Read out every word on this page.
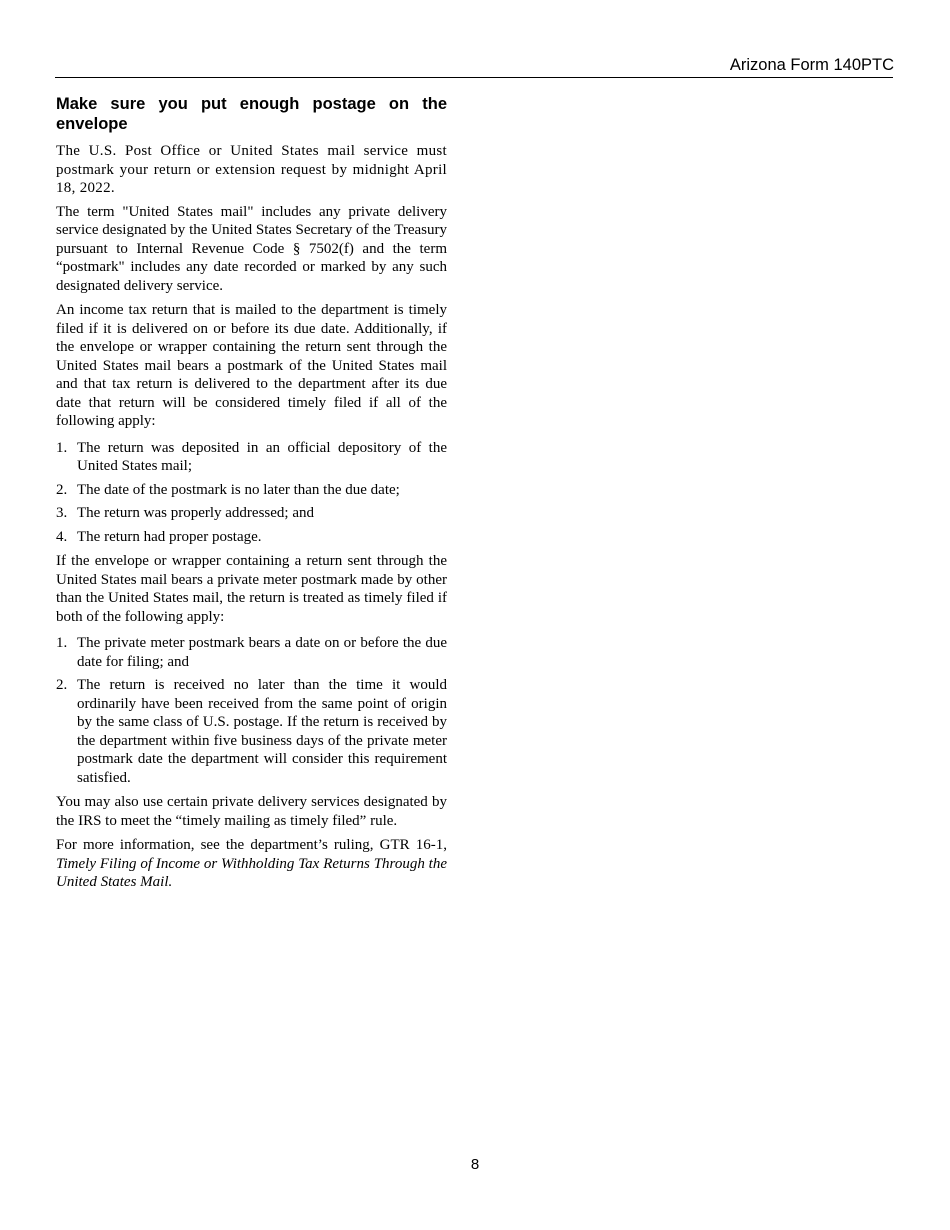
Arizona Form 140PTC
Make sure you put enough postage on the envelope

The U.S. Post Office or United States mail service must postmark your return or extension request by midnight April 18, 2022.

The term "United States mail" includes any private delivery service designated by the United States Secretary of the Treasury pursuant to Internal Revenue Code § 7502(f) and the term “postmark" includes any date recorded or marked by any such designated delivery service.

An income tax return that is mailed to the department is timely filed if it is delivered on or before its due date. Additionally, if the envelope or wrapper containing the return sent through the United States mail bears a postmark of the United States mail and that tax return is delivered to the department after its due date that return will be considered timely filed if all of the following apply:

1. The return was deposited in an official depository of the United States mail;
2. The date of the postmark is no later than the due date;
3. The return was properly addressed; and
4. The return had proper postage.

If the envelope or wrapper containing a return sent through the United States mail bears a private meter postmark made by other than the United States mail, the return is treated as timely filed if both of the following apply:

1. The private meter postmark bears a date on or before the due date for filing; and
2. The return is received no later than the time it would ordinarily have been received from the same point of origin by the same class of U.S. postage. If the return is received by the department within five business days of the private meter postmark date the department will consider this requirement satisfied.

You may also use certain private delivery services designated by the IRS to meet the “timely mailing as timely filed” rule.

For more information, see the department’s ruling, GTR 16-1, Timely Filing of Income or Withholding Tax Returns Through the United States Mail.

8
